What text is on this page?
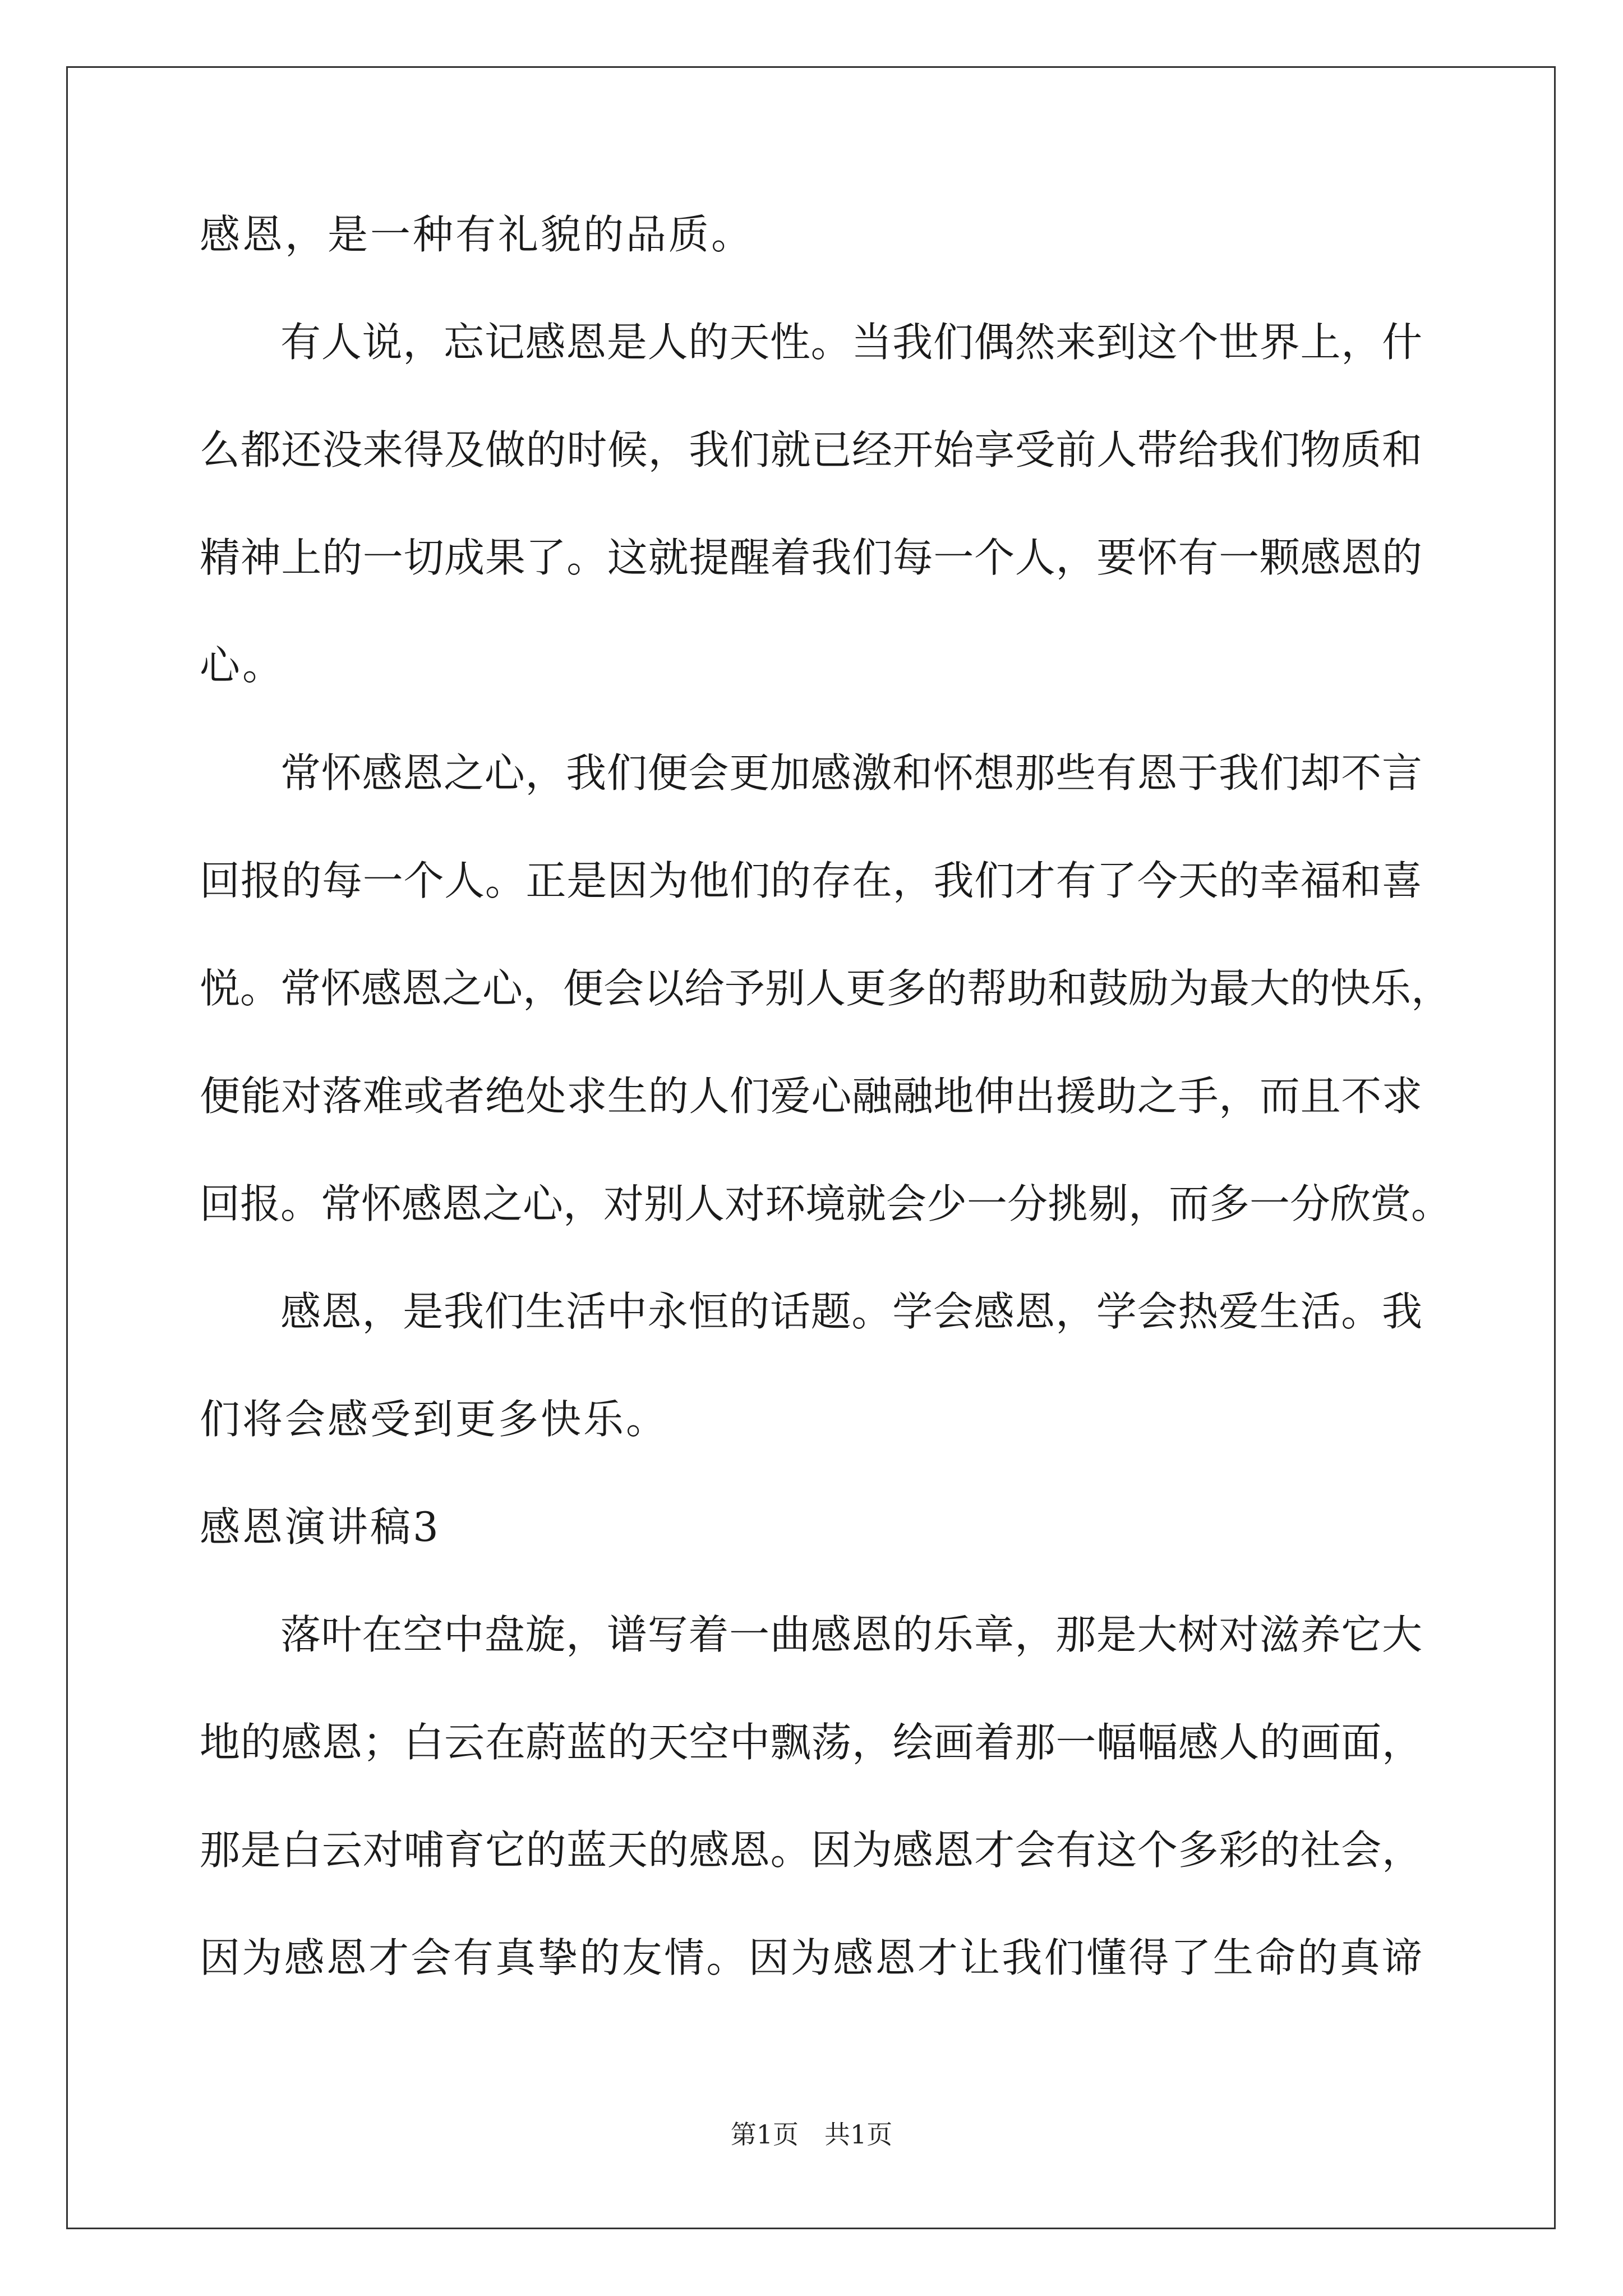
感恩，是一种有礼貌的品质。
有人说，忘记感恩是人的天性。当我们偶然来到这个世界上，什
么都还没来得及做的时候，我们就已经开始享受前人带给我们物质和
精神上的一切成果了。这就提醒着我们每一个人，要怀有一颗感恩的
心。
常怀感恩之心，我们便会更加感激和怀想那些有恩于我们却不言
回报的每一个人。正是因为他们的存在，我们才有了今天的幸福和喜
悦。常怀感恩之心，便会以给予别人更多的帮助和鼓励为最大的快乐，
便能对落难或者绝处求生的人们爱心融融地伸出援助之手，而且不求
回报。常怀感恩之心，对别人对环境就会少一分挑剔，而多一分欣赏。
感恩，是我们生活中永恒的话题。学会感恩，学会热爱生活。我
们将会感受到更多快乐。
感恩演讲稿3
落叶在空中盘旋，谱写着一曲感恩的乐章，那是大树对滋养它大
地的感恩；白云在蔚蓝的天空中飘荡，绘画着那一幅幅感人的画面，
那是白云对哺育它的蓝天的感恩。因为感恩才会有这个多彩的社会，
因为感恩才会有真挚的友情。因为感恩才让我们懂得了生命的真谛
第1页　共1页
